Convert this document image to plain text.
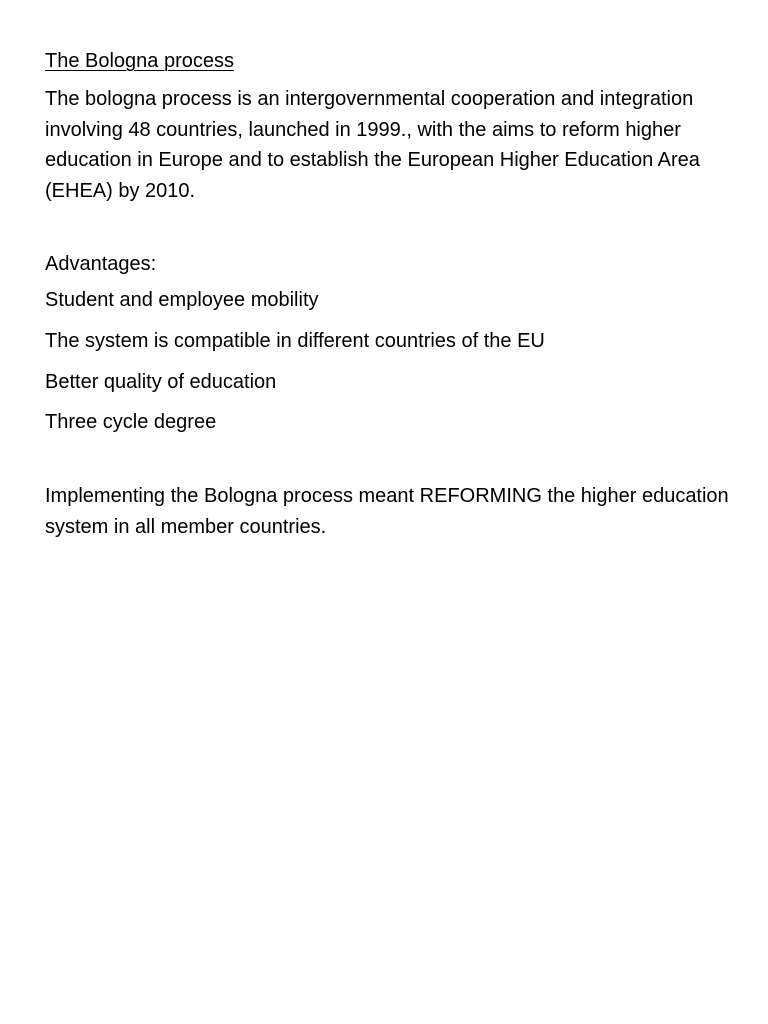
The Bologna process

The bologna process is an intergovernmental cooperation and integration involving 48 countries, launched in 1999., with the aims to reform higher education in Europe and to establish the European Higher Education Area (EHEA) by 2010.

Advantages:

Student and employee mobility
The system is compatible in different countries of the EU
Better quality of education
Three cycle degree

Implementing the Bologna process meant REFORMING the higher education system in all member countries.
